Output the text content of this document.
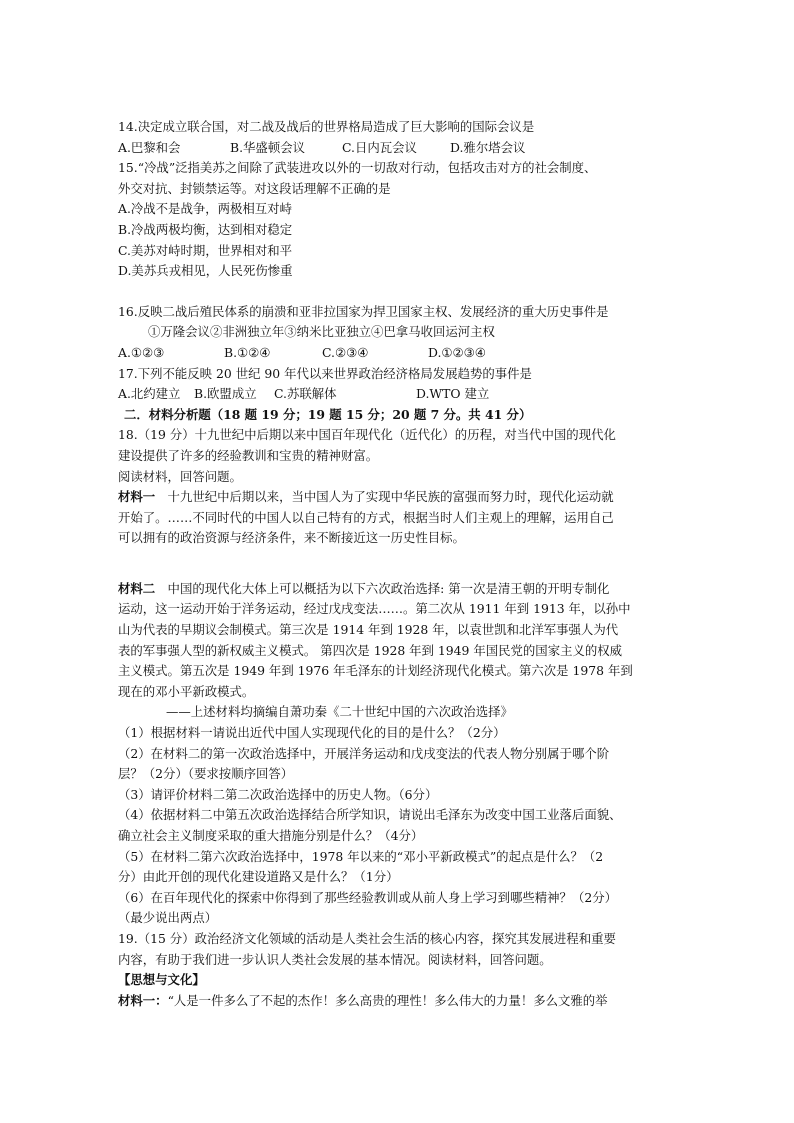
14.决定成立联合国，对二战及战后的世界格局造成了巨大影响的国际会议是
A.巴黎和会	B.华盛顿会议	C.日内瓦会议	D.雅尔塔会议
15.“冷战”泛指美苏之间除了武装进攻以外的一切敌对行动，包括攻击对方的社会制度、
外交对抗、封锁禁运等。对这段话理解不正确的是
A.冷战不是战争，两极相互对峙
B.冷战两极均衡，达到相对稳定
C.美苏对峙时期，世界相对和平
D.美苏兵戎相见，人民死伤惨重
16.反映二战后殖民体系的崩溃和亚非拉国家为捍卫国家主权、发展经济的重大历史事件是
①万隆会议②非洲独立年③纳米比亚独立④巴拿马收回运河主权
A.①②③	B.①②④	C.②③④	D.①②③④
17.下列不能反映 20 世纪 90 年代以来世界政治经济格局发展趋势的事件是
A.北约建立 B.欧盟成立 C.苏联解体	D.WTO 建立
二．材料分析题（18 题 19 分；19 题 15 分；20 题 7 分。共 41 分）
18.（19 分）十九世纪中后期以来中国百年现代化（近代化）的历程，对当代中国的现代化
建设提供了许多的经验教训和宝贵的精神财富。
阅读材料，回答问题。
材料一　十九世纪中后期以来，当中国人为了实现中华民族的富强而努力时，现代化运动就
开始了。……不同时代的中国人以自己特有的方式，根据当时人们主观上的理解，运用自己
可以拥有的政治资源与经济条件，来不断接近这一历史性目标。
材料二　中国的现代化大体上可以概括为以下六次政治选择: 第一次是清王朝的开明专制化
运动，这一运动开始于洋务运动，经过戊戌变法……。第二次从 1911 年到 1913 年，以孙中
山为代表的早期议会制模式。第三次是 1914 年到 1928 年，以袁世凯和北洋军事强人为代
表的军事强人型的新权威主义模式。 第四次是 1928 年到 1949 年国民党的国家主义的权威
主义模式。第五次是 1949 年到 1976 年毛泽东的计划经济现代化模式。第六次是 1978 年到
现在的邓小平新政模式。
——上述材料均摘编自萧功秦《二十世纪中国的六次政治选择》
（1）根据材料一请说出近代中国人实现现代化的目的是什么？（2分）
（2）在材料二的第一次政治选择中，开展洋务运动和戊戌变法的代表人物分别属于哪个阶
层？（2分）（要求按顺序回答）
（3）请评价材料二第二次政治选择中的历史人物。（6分）
（4）依据材料二中第五次政治选择结合所学知识，请说出毛泽东为改变中国工业落后面貌、
确立社会主义制度采取的重大措施分别是什么？（4分）
（5）在材料二第六次政治选择中，1978 年以来的“邓小平新政模式”的起点是什么？（2
分）由此开创的现代化建设道路又是什么？（1分）
（6）在百年现代化的探索中你得到了那些经验教训或从前人身上学习到哪些精神？（2分）
（最少说出两点）
19.（15 分）政治经济文化领域的活动是人类社会生活的核心内容，探究其发展进程和重要
内容，有助于我们进一步认识人类社会发展的基本情况。阅读材料，回答问题。
【思想与文化】
材料一：“人是一件多么了不起的杰作！多么高贵的理性！多么伟大的力量！多么文雅的举
